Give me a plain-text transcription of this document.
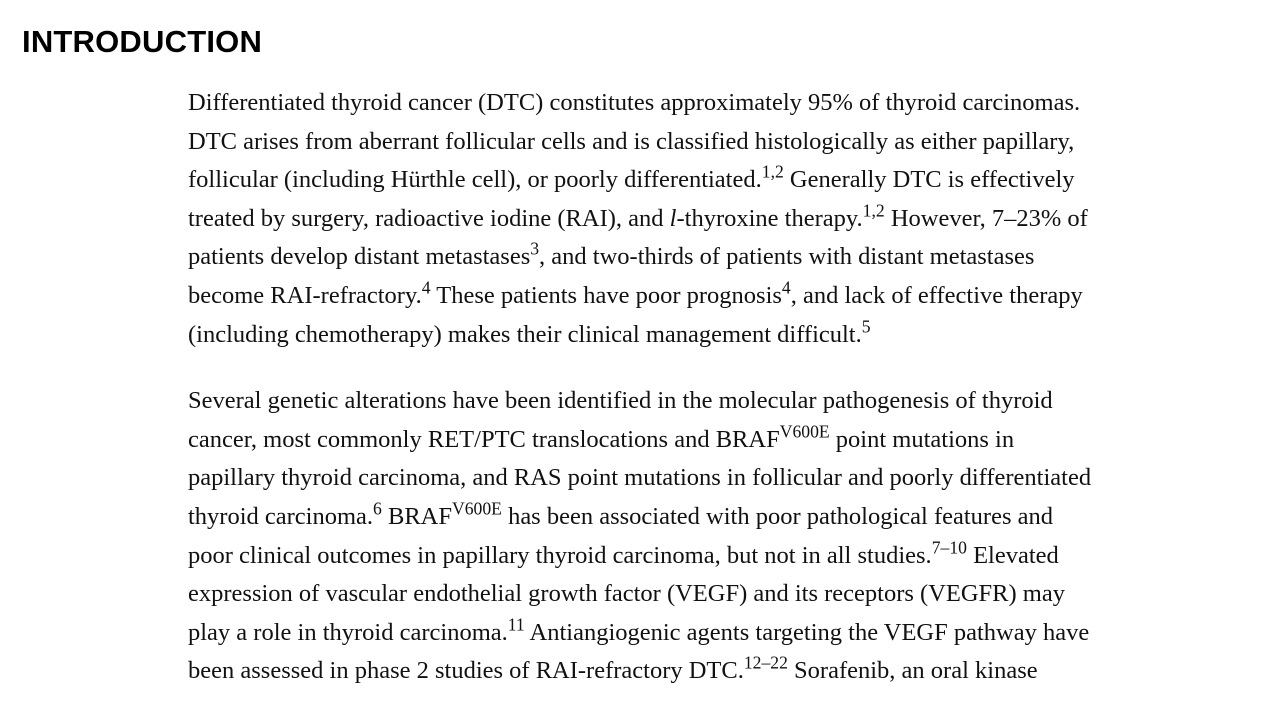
INTRODUCTION

Differentiated thyroid cancer (DTC) constitutes approximately 95% of thyroid carcinomas.
DTC arises from aberrant follicular cells and is classified histologically as either papillary,
follicular (including Hürthle cell), or poorly differentiated.$^{1,2}$ Generally DTC is effectively
treated by surgery, radioactive iodine (RAI), and l-thyroxine therapy.$^{1,2}$ However, 7–23% of
patients develop distant metastases$^3$, and two-thirds of patients with distant metastases
become RAI-refractory.$^4$ These patients have poor prognosis$^4$, and lack of effective therapy
(including chemotherapy) makes their clinical management difficult.$^5$

Several genetic alterations have been identified in the molecular pathogenesis of thyroid
cancer, most commonly RET/PTC translocations and $BRAF^{V600E}$ point mutations in
papillary thyroid carcinoma, and RAS point mutations in follicular and poorly differentiated
thyroid carcinoma.$^6$ $BRAF^{V600E}$ has been associated with poor pathological features and
poor clinical outcomes in papillary thyroid carcinoma, but not in all studies.$^{7-10}$ Elevated
expression of vascular endothelial growth factor (VEGF) and its receptors (VEGFR) may
play a role in thyroid carcinoma.$^{11}$ Antiangiogenic agents targeting the VEGF pathway have
been assessed in phase 2 studies of RAI-refractory DTC.$^{12-22}$ Sorafenib, an oral kinase
